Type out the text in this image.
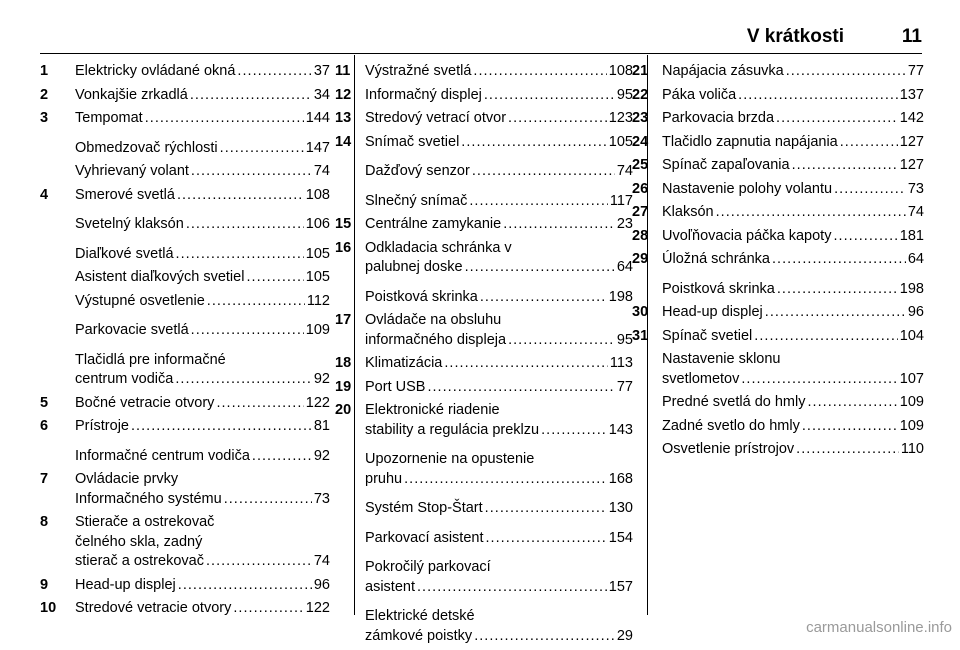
V krátkosti	11
1	Elektricky ovládané okná . . .	37
2	Vonkajšie zrkadlá . . .	34
3	Tempomat . . .	144
Obmedzovač rýchlosti . . .	147
Vyhrievaný volant . . .	74
4	Smerové svetlá . . .	108
Svetelný klaksón . . .	106
Diaľkové svetlá . . .	105
Asistent diaľkových svetiel . . .	105
Výstupné osvetlenie . . .	112
Parkovacie svetlá . . .	109
Tlačidlá pre informačné
centrum vodiča . . .	92
5	Bočné vetracie otvory . . .	122
6	Prístroje . . .	81
Informačné centrum vodiča . . .	92
7	Ovládacie prvky
Informačného systému . . .	73
8	Stierače a ostrekovač
čelného skla, zadný
stierač a ostrekovač . . .	74
9	Head-up displej . . .	96
10	Stredové vetracie otvory . . .	122
11	Výstražné svetlá . . .	108
12 Informačný displej . . .	95
13 Stredový vetrací otvor . . .	123
14 Snímač svetiel . . .	105
Dažďový senzor . . .	74
Slnečný snímač . . .	117
15 Centrálne zamykanie . . .	23
16 Odkladacia schránka v
palubnej doske . . .	64
Poistková skrinka . . .	198
17 Ovládače na obsluhu
informačného displeja . . .	95
18 Klimatizácia . . .	113
19 Port USB . . .	77
20 Elektronické riadenie
stability a regulácia preklzu . . .	143
Upozornenie na opustenie
pruhu . . .	168
Systém Stop-Štart . . .	130
Parkovací asistent . . .	154
Pokročilý parkovací
asistent . . .	157
Elektrické detské
zámkové poistky . . .	29
21 Napájacia zásuvka . . .	77
22 Páka voliča . . .	137
23 Parkovacia brzda . . .	142
24 Tlačidlo zapnutia napájania . . .	127
25 Spínač zapaľovania . . .	127
26 Nastavenie polohy volantu . . .	73
27 Klaksón . . .	74
28 Uvoľňovacia páčka kapoty . . .	181
29 Úložná schránka . . .	64
Poistková skrinka . . .	198
30 Head-up displej . . .	96
31 Spínač svetiel . . .	104
Nastavenie sklonu
svetlometov . . .	107
Predné svetlá do hmly . . .	109
Zadné svetlo do hmly . . .	109
Osvetlenie prístrojov . . .	110
carmanualsonline.info
